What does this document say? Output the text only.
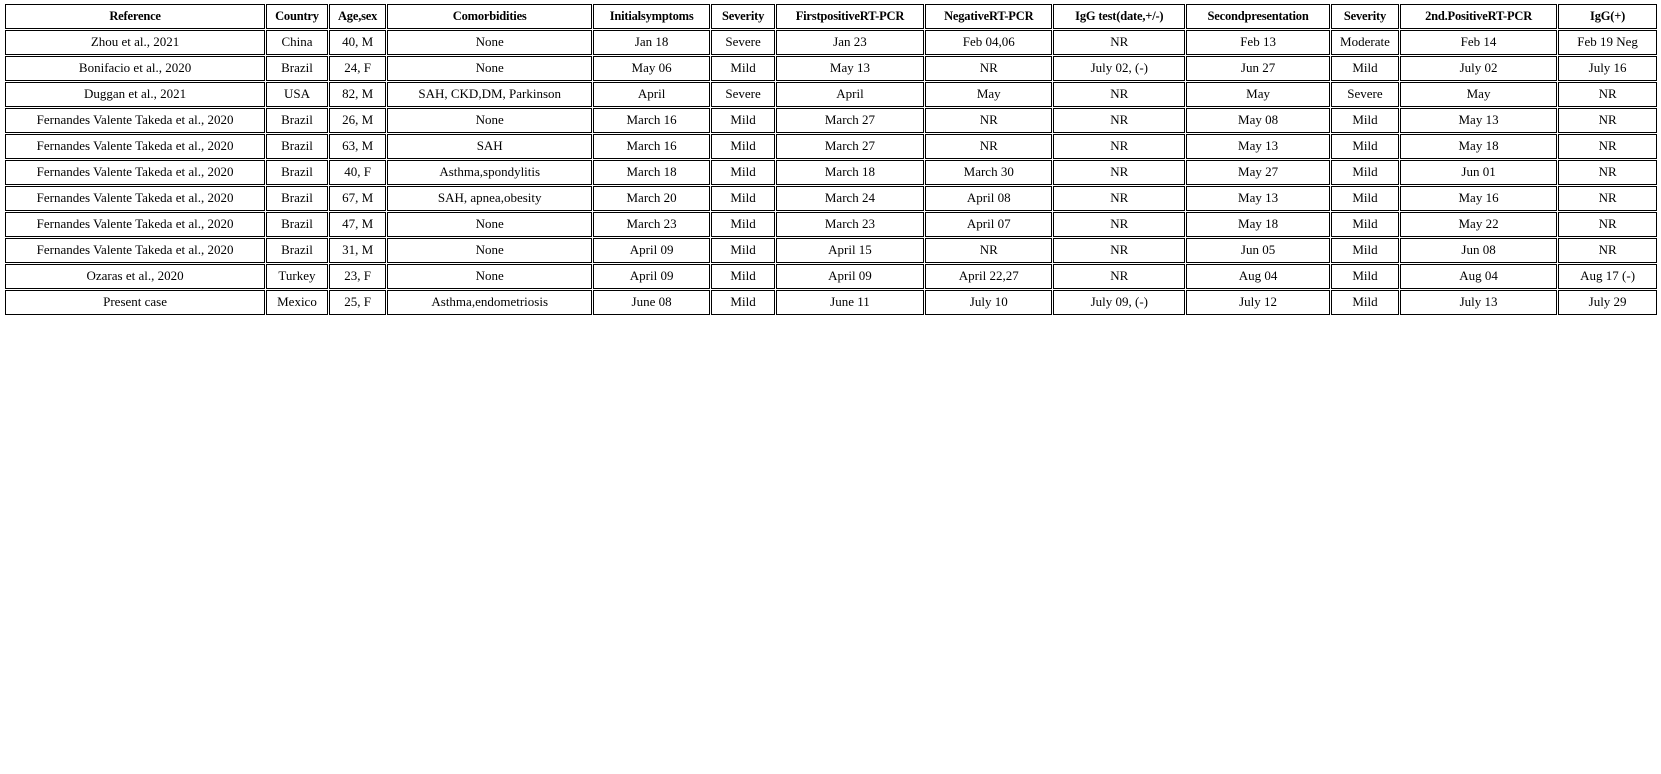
Reference	Country	Age,sex	Comorbidities	Initialsymptoms	Severity	FirstpositiveRT-PCR	NegativeRT-PCR	IgG test(date,+/-)	Secondpresentation	Severity	2nd.PositiveRT-PCR	IgG(+)
Zhou et al., 2021	China	40, M	None	Jan 18	Severe	Jan 23	Feb 04,06	NR	Feb 13	Moderate	Feb 14	Feb 19 Neg
Bonifacio et al., 2020	Brazil	24, F	None	May 06	Mild	May 13	NR	July 02, (-)	Jun 27	Mild	July 02	July 16
Duggan et al., 2021	USA	82, M	SAH, CKD,DM, Parkinson	April	Severe	April	May	NR	May	Severe	May	NR
Fernandes Valente Takeda et al., 2020	Brazil	26, M	None	March 16	Mild	March 27	NR	NR	May 08	Mild	May 13	NR
Fernandes Valente Takeda et al., 2020	Brazil	63, M	SAH	March 16	Mild	March 27	NR	NR	May 13	Mild	May 18	NR
Fernandes Valente Takeda et al., 2020	Brazil	40, F	Asthma,spondylitis	March 18	Mild	March 18	March 30	NR	May 27	Mild	Jun 01	NR
Fernandes Valente Takeda et al., 2020	Brazil	67, M	SAH, apnea,obesity	March 20	Mild	March 24	April 08	NR	May 13	Mild	May 16	NR
Fernandes Valente Takeda et al., 2020	Brazil	47, M	None	March 23	Mild	March 23	April 07	NR	May 18	Mild	May 22	NR
Fernandes Valente Takeda et al., 2020	Brazil	31, M	None	April 09	Mild	April 15	NR	NR	Jun 05	Mild	Jun 08	NR
Ozaras et al., 2020	Turkey	23, F	None	April 09	Mild	April 09	April 22,27	NR	Aug 04	Mild	Aug 04	Aug 17 (-)
Present case	Mexico	25, F	Asthma,endometriosis	June 08	Mild	June 11	July 10	July 09, (-)	July 12	Mild	July 13	July 29
